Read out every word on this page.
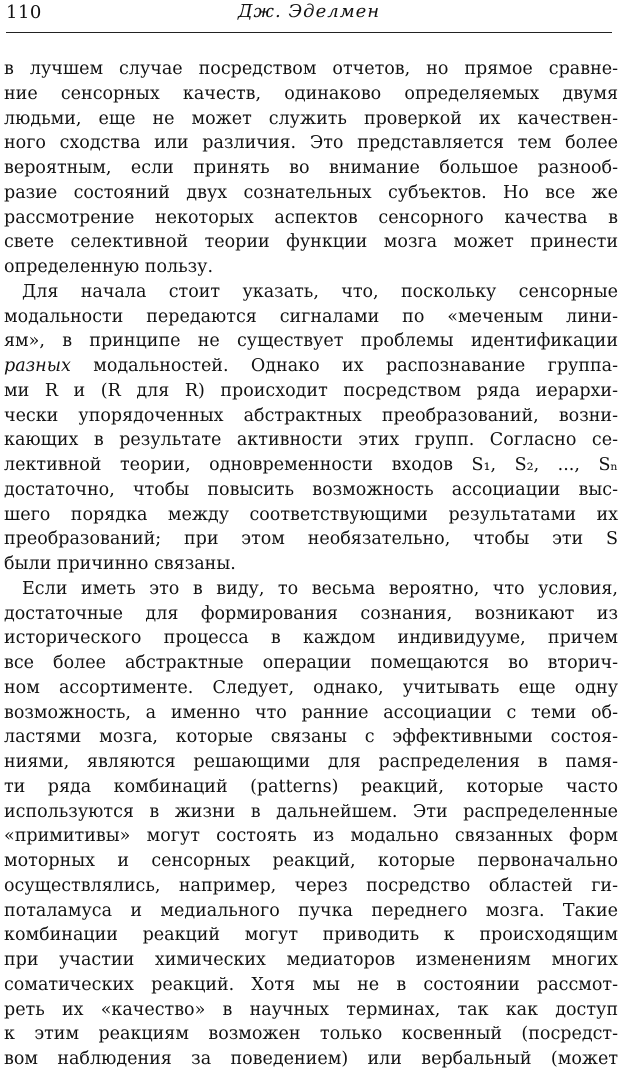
110	Дж. Эделмен
в лучшем случае посредством отчетов, но прямое сравне-
ние сенсорных качеств, одинаково определяемых двумя
людьми, еще не может служить проверкой их качествен-
ного сходства или различия. Это представляется тем более
вероятным, если принять во внимание большое разнооб-
разие состояний двух сознательных субъектов. Но все же
рассмотрение некоторых аспектов сенсорного качества в
свете селективной теории функции мозга может принести
определенную пользу.
Для начала стоит указать, что, поскольку сенсорные
модальности передаются сигналами по «меченым лини-
ям», в принципе не существует проблемы идентификации
разных модальностей. Однако их распознавание группа-
ми R и (R для R) происходит посредством ряда иерархи-
чески упорядоченных абстрактных преобразований, возни-
кающих в результате активности этих групп. Согласно се-
лективной теории, одновременности входов S₁, S₂, ..., Sₙ
достаточно, чтобы повысить возможность ассоциации выс-
шего порядка между соответствующими результатами их
преобразований; при этом необязательно, чтобы эти S
были причинно связаны.
Если иметь это в виду, то весьма вероятно, что условия,
достаточные для формирования сознания, возникают из
исторического процесса в каждом индивидууме, причем
все более абстрактные операции помещаются во вторич-
ном ассортименте. Следует, однако, учитывать еще одну
возможность, а именно что ранние ассоциации с теми об-
ластями мозга, которые связаны с эффективными состоя-
ниями, являются решающими для распределения в памя-
ти ряда комбинаций (patterns) реакций, которые часто
используются в жизни в дальнейшем. Эти распределенные
«примитивы» могут состоять из модально связанных форм
моторных и сенсорных реакций, которые первоначально
осуществлялись, например, через посредство областей ги-
поталамуса и медиального пучка переднего мозга. Такие
комбинации реакций могут приводить к происходящим
при участии химических медиаторов изменениям многих
соматических реакций. Хотя мы не в состоянии рассмот-
реть их «качество» в научных терминах, так как доступ
к этим реакциям возможен только косвенный (посредст-
вом наблюдения за поведением) или вербальный (может
